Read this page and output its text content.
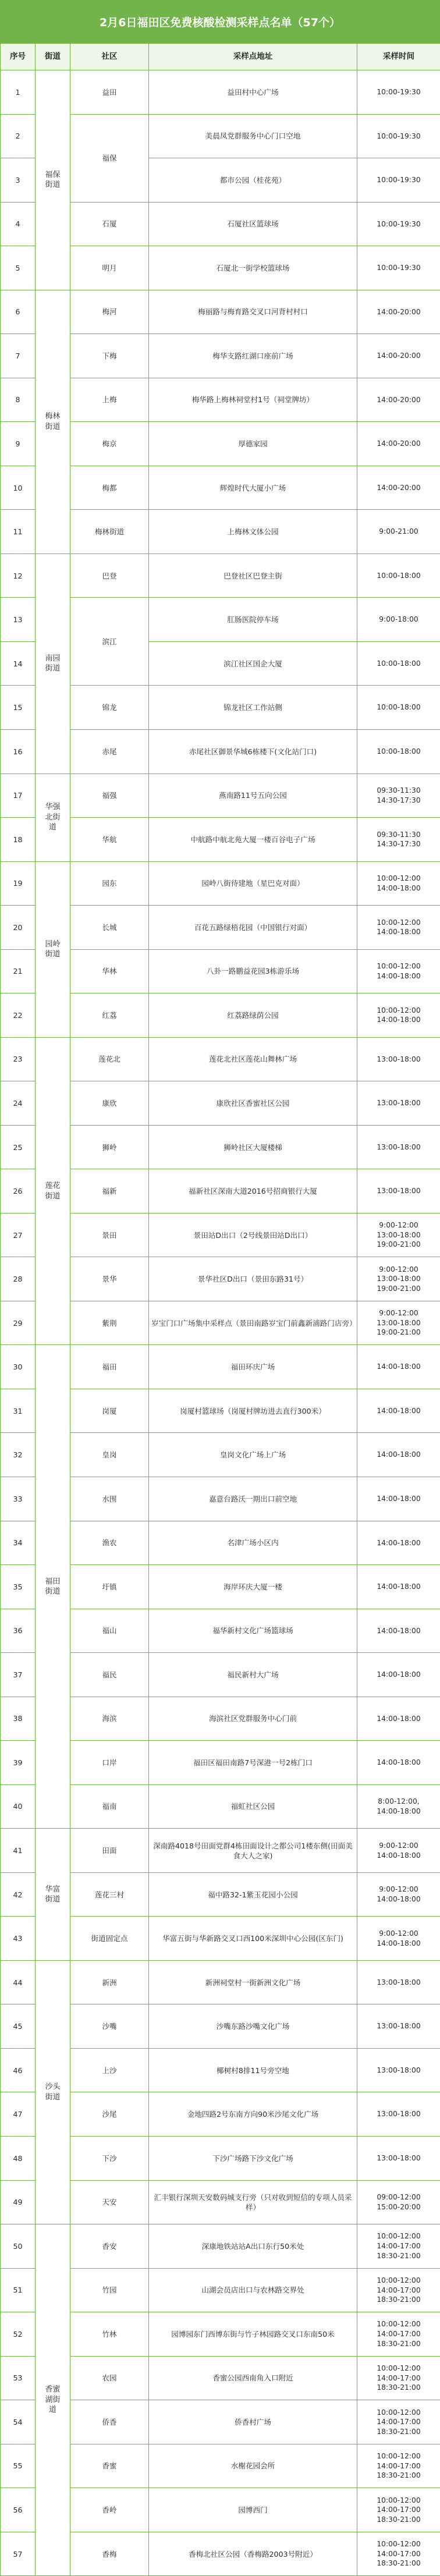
2月6日福田区免费核酸检测采样点名单（57个）
序号	街道	社区	采样点地址	采样时间
1	福保街道	益田	益田村中心广场	10:00-19:30
2		福保	美晨凤党群服务中心门口空地	10:00-19:30
3			都市公园（桂花苑）	10:00-19:30
4		石厦	石厦社区篮球场	10:00-19:30
5		明月	石厦北一街学校篮球场	10:00-19:30
6	梅林街道	梅河	梅丽路与梅育路交叉口河背村村口	14:00-20:00
7		下梅	梅华支路红湖口座前广场	14:00-20:00
8		上梅	梅华路上梅林祠堂村1号（祠堂牌坊）	14:00-20:00
9		梅京	厚德家园	14:00-20:00
10		梅都	辉煌时代大厦小广场	14:00-20:00
11		梅林街道	上梅林文体公园	9:00-21:00
12	南园街道	巴登	巴登社区巴登主街	10:00-18:00
13		滨江	肛肠医院停车场	9:00-18:00
14			滨江社区国企大厦	10:00-18:00
15		锦龙	锦龙社区工作站侧	10:00-18:00
16		赤尾	赤尾社区御景华城6栋楼下(文化站门口)	10:00-18:00
17	华强北街道	福强	燕南路11号五向公园	09:30-11:30
14:30-17:30
18		华航	中航路中航北苑大厦一楼百谷电子广场	09:30-11:30
14:30-17:30
19	园岭街道	园东	园岭八街待建地（星巴克对面）	10:00-12:00
14:00-18:00
20		长城	百花五路绿梧花园（中国银行对面）	10:00-12:00
14:00-18:00
21		华林	八卦一路鹏益花园3栋游乐场	10:00-12:00
14:00-18:00
22		红荔	红荔路绿荫公园	10:00-12:00
14:00-18:00
23	莲花街道	莲花北	莲花北社区莲花山舞林广场	13:00-18:00
24		康欣	康欣社区香蜜社区公园	13:00-18:00
25		狮岭	狮岭社区大厦楼梯	13:00-18:00
26		福新	福新社区深南大道2016号招商银行大厦	13:00-18:00
27		景田	景田站D出口（2号线景田站D出口）	9:00-12:00
13:00-18:00
19:00-21:00
28		景华	景华社区D出口（景田东路31号）	9:00-12:00
13:00-18:00
19:00-21:00
29		紫荆	岁宝门口广场集中采样点（景田南路岁宝门前鑫新浦路门店旁）	9:00-12:00
13:00-18:00
19:00-21:00
30	福田街道	福田	福田环庆广场	14:00-18:00
31		岗厦	岗厦村篮球场（岗厦村牌坊进去直行300米）	14:00-18:00
32		皇岗	皇岗文化广场上广场	14:00-18:00
33		水围	嘉意台路沃一期出口前空地	14:00-18:00
34		渔农	名津广场小区内	14:00-18:00
35		圩镇	海岸环庆大厦一楼	14:00-18:00
36		福山	福华新村文化广场篮球场	14:00-18:00
37		福民	福民新村大广场	14:00-18:00
38		海滨	海滨社区党群服务中心门前	14:00-18:00
39		口岸	福田区福田南路7号深港一号2栋门口	14:00-18:00
40		福南	福虹社区公园	8:00-12:00,
14:00-18:00
41	华富街道	田面	深南路4018号田面党群4栋田面设计之都公司1楼东侧(田面美食大人之家)	9:00-12:00
14:00-18:00
42		莲花三村	福中路32-1紫玉花园小公园	9:00-12:00
14:00-18:00
43		街道固定点	华富五街与华新路交叉口西100米深圳中心公园(区东门)	9:00-12:00
14:00-18:00
44	沙头街道	新洲	新洲祠堂村一街新洲文化广场	13:00-18:00
45		沙嘴	沙嘴东路沙嘴文化广场	13:00-18:00
46		上沙	椰树村8排11号旁空地	13:00-18:00
47		沙尾	金地四路2号东南方向90米沙尾文化广场	13:00-18:00
48		下沙	下沙广场路下沙文化广场	13:00-18:00
49		天安	汇丰银行深圳天安数码城支行旁（只对收到短信的专项人员采样）	09:00-12:00
15:00-20:00
50	香蜜湖街道	香安	深康地铁站站A出口东行50米处	10:00-12:00
14:00-17:00
18:30-21:00
51		竹园	山湖会员店出口与农林路交界处	10:00-12:00
14:00-17:00
18:30-21:00
52		竹林	园博园东门西博东街与竹子林园路交叉口东南50米	10:00-12:00
14:00-17:00
18:30-21:00
53		农园	香蜜公园西南角入口附近	10:00-12:00
14:00-17:00
18:30-21:00
54		侨香	侨香村广场	10:00-12:00
14:00-17:00
18:30-21:00
55		香蜜	水榭花园会所	10:00-12:00
14:00-17:00
18:30-21:00
56		香岭	园博西门	10:00-12:00
14:00-17:00
18:30-21:00
57		香梅	香梅北社区公园（香梅路2003号附近）	10:00-12:00
14:00-17:00
18:30-21:00
